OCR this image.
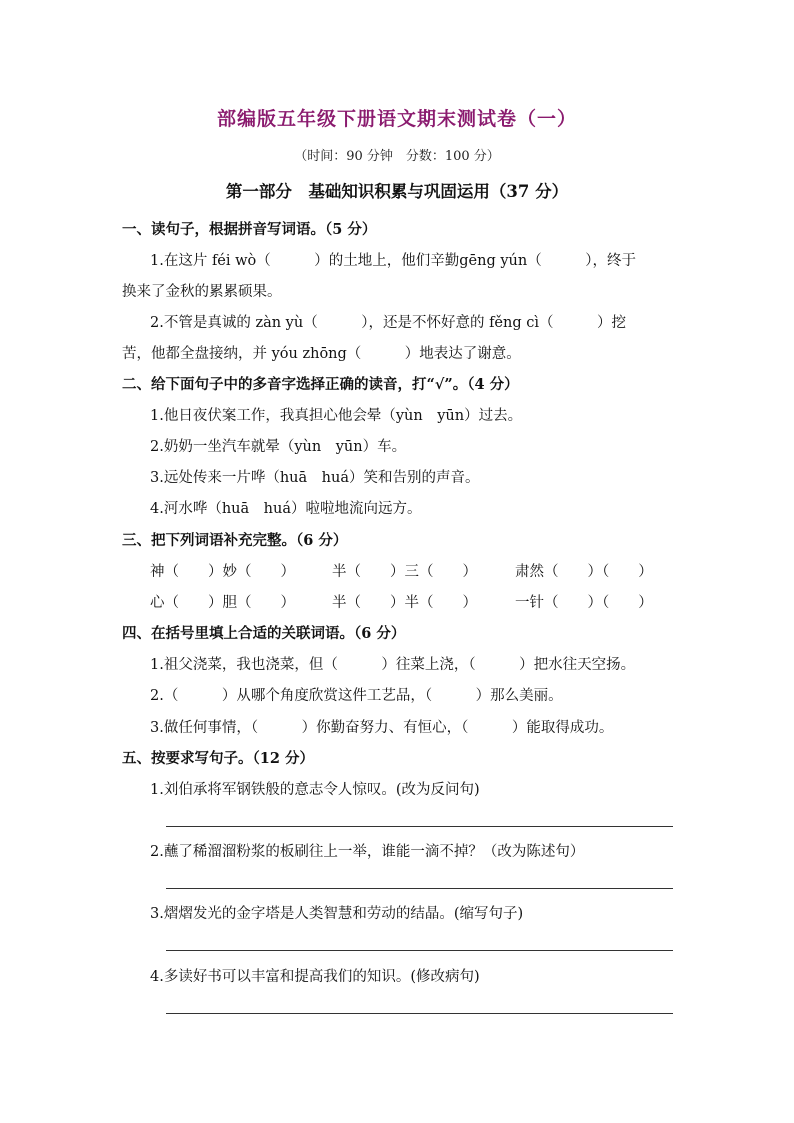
部编版五年级下册语文期末测试卷（一）
（时间：90 分钟　分数：100 分）
第一部分　基础知识积累与巩固运用（37 分）
一、读句子，根据拼音写词语。（5 分）
1.在这片 féi wò（　　　）的土地上，他们辛勤gēng yún（　　　），终于
换来了金秋的累累硕果。
2.不管是真诚的 zàn yù（　　　），还是不怀好意的 fěng cì（　　　）挖
苦，他都全盘接纳，并 yóu zhōng（　　　）地表达了谢意。
二、给下面句子中的多音字选择正确的读音，打“√”。（4 分）
1.他日夜伏案工作，我真担心他会晕（yùn　yūn）过去。
2.奶奶一坐汽车就晕（yùn　yūn）车。
3.远处传来一片哗（huā　huá）笑和告别的声音。
4.河水哗（huā　huá）啦啦地流向远方。
三、把下列词语补充完整。（6 分）
神（　　）妙（　　）	半（　　）三（　　）	肃然（　　）（　　）
心（　　）胆（　　）	半（　　）半（　　）	一针（　　）（　　）
四、在括号里填上合适的关联词语。（6 分）
1.祖父浇菜，我也浇菜，但（　　　）往菜上浇，（　　　）把水往天空扬。
2.（　　　）从哪个角度欣赏这件工艺品，（　　　）那么美丽。
3.做任何事情，（　　　）你勤奋努力、有恒心，（　　　）能取得成功。
五、按要求写句子。（12 分）
1.刘伯承将军钢铁般的意志令人惊叹。(改为反问句)
2.蘸了稀溜溜粉浆的板刷往上一举，谁能一滴不掉？（改为陈述句）
3.熠熠发光的金字塔是人类智慧和劳动的结晶。(缩写句子)
4.多读好书可以丰富和提高我们的知识。(修改病句)
